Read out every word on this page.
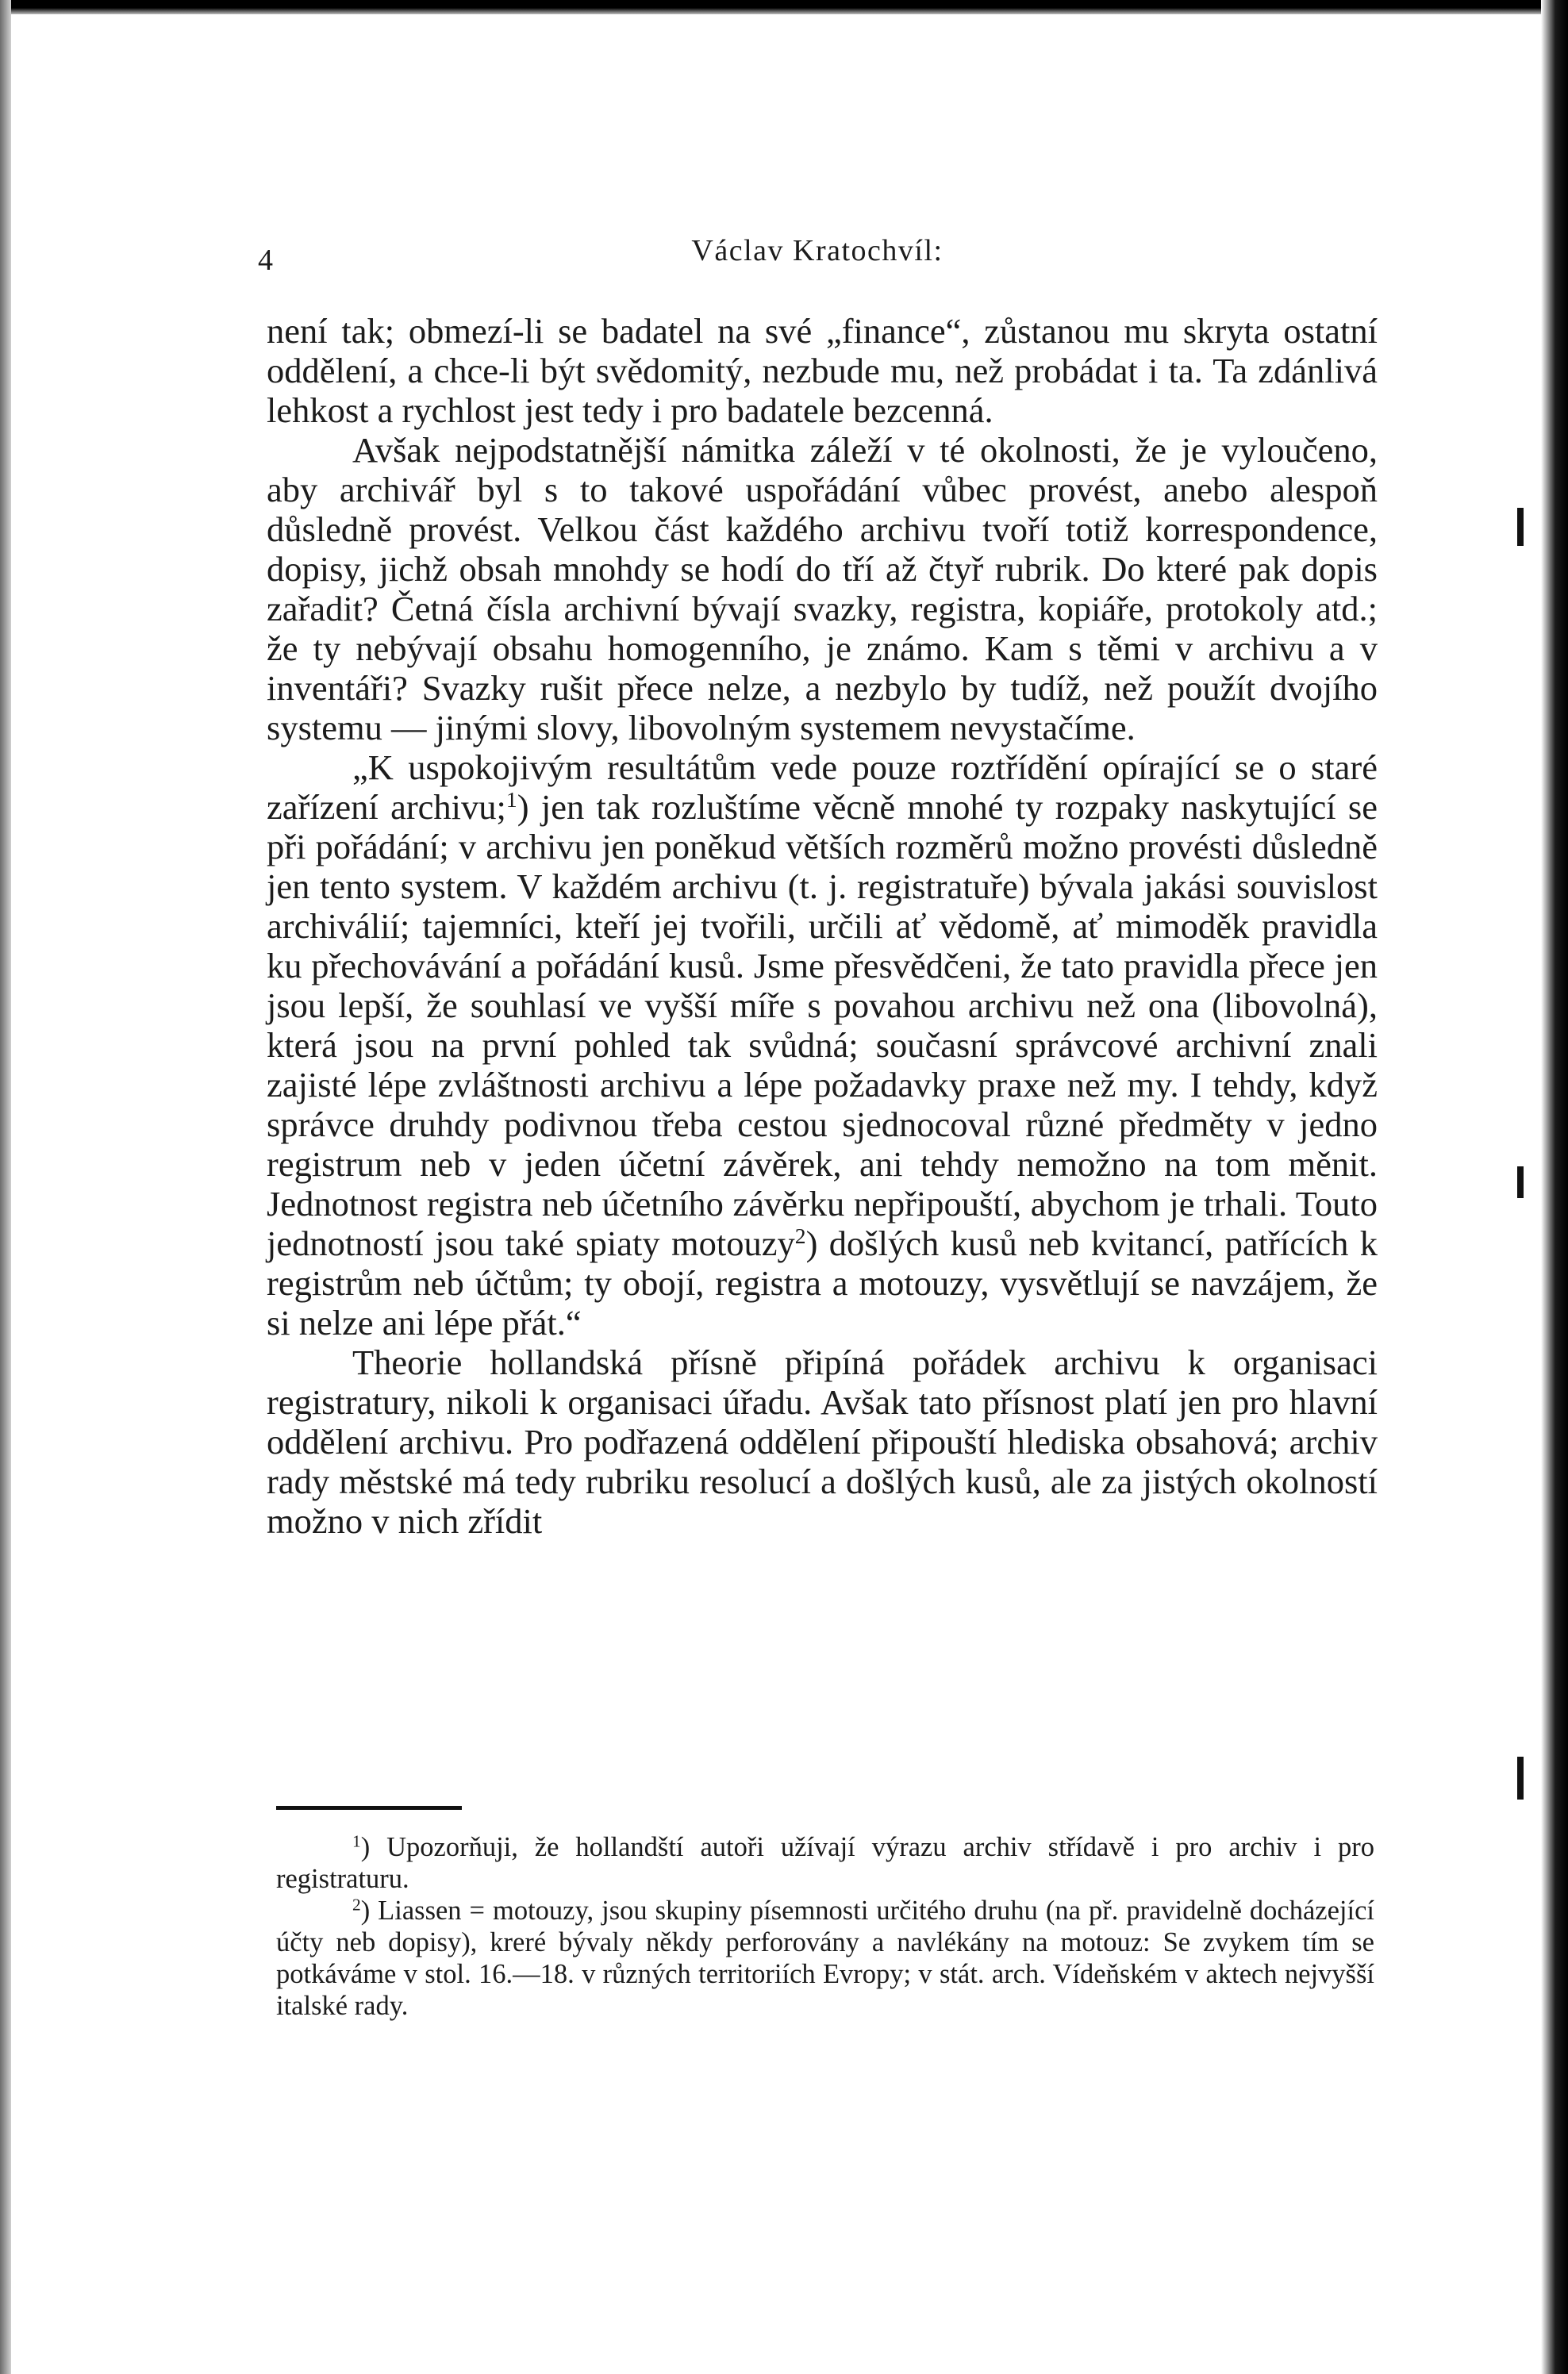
4	Václav Kratochvíl:

není tak; obmezí-li se badatel na své „finance“, zůstanou mu skryta ostatní oddělení, a chce-li být svědomitý, nezbude mu, než probádat i ta. Ta zdánlivá lehkost a rychlost jest tedy i pro badatele bezcenná.

Avšak nejpodstatnější námitka záleží v té okolnosti, že je vyloučeno, aby archivář byl s to takové uspořádání vůbec provést, anebo alespoň důsledně provést. Velkou část každého archivu tvoří totiž korrespondence, dopisy, jichž obsah mnohdy se hodí do tří až čtyř rubrik. Do které pak dopis zařadit? Četná čísla archivní bývají svazky, registra, kopiáře, protokoly atd.; že ty nebývají obsahu homogenního, je známo. Kam s těmi v archivu a v inventáři? Svazky rušit přece nelze, a nezbylo by tudíž, než použít dvojího systemu — jinými slovy, libovolným systemem nevystačíme.

„K uspokojivým resultátům vede pouze roztřídění opírající se o staré zařízení archivu;$^1$) jen tak rozluštíme věcně mnohé ty rozpaky naskytující se při pořádání; v archivu jen poněkud větších rozměrů možno provésti důsledně jen tento system. V každém archivu (t. j. registratuře) bývala jakási souvislost archiválií; tajemníci, kteří jej tvořili, určili ať vědomě, ať mimoděk pravidla ku přechovávání a pořádání kusů. Jsme přesvědčeni, že tato pravidla přece jen jsou lepší, že souhlasí ve vyšší míře s povahou archivu než ona (libovolná), která jsou na první pohled tak svůdná; současní správcové archivní znali zajisté lépe zvláštnosti archivu a lépe požadavky praxe než my. I tehdy, když správce druhdy podivnou třeba cestou sjednocoval různé předměty v jedno registrum neb v jeden účetní závěrek, ani tehdy nemožno na tom měnit. Jednotnost registra neb účetního závěrku nepřipouští, abychom je trhali. Touto jednotností jsou také spiaty motouzy$^2$) došlých kusů neb kvitancí, patřících k registrům neb účtům; ty obojí, registra a motouzy, vysvětlují se navzájem, že si nelze ani lépe přát.“

Theorie hollandská přísně připíná pořádek archivu k organisaci registratury, nikoli k organisaci úřadu. Avšak tato přísnost platí jen pro hlavní oddělení archivu. Pro podřazená oddělení připouští hlediska obsahová; archiv rady městské má tedy rubriku resolucí a došlých kusů, ale za jistých okolností možno v nich zřídit

$^1$) Upozorňuji, že hollandští autoři užívají výrazu archiv střídavě i pro archiv i pro registraturu.

$^2$) Liassen = motouzy, jsou skupiny písemnosti určitého druhu (na př. pravidelně docházející účty neb dopisy), kreré bývaly někdy perforovány a navlékány na motouz: Se zvykem tím se potkáváme v stol. 16.—18. v různých territoriích Evropy; v stát. arch. Vídeňském v aktech nejvyšší italské rady.
